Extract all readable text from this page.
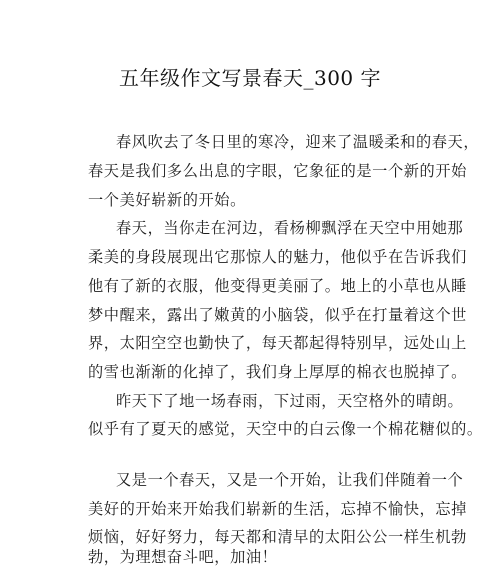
五年级作文写景春天_300 字
春风吹去了冬日里的寒冷，迎来了温暖柔和的春天，
春天是我们多么出息的字眼，它象征的是一个新的开始
一个美好崭新的开始。
春天，当你走在河边，看杨柳飘浮在天空中用她那
柔美的身段展现出它那惊人的魅力，他似乎在告诉我们
他有了新的衣服，他变得更美丽了。地上的小草也从睡
梦中醒来，露出了嫩黄的小脑袋，似乎在打量着这个世
界，太阳空空也勤快了，每天都起得特别早，远处山上
的雪也渐渐的化掉了，我们身上厚厚的棉衣也脱掉了。
昨天下了地一场春雨，下过雨，天空格外的晴朗。
似乎有了夏天的感觉，天空中的白云像一个棉花糖似的。
又是一个春天，又是一个开始，让我们伴随着一个
美好的开始来开始我们崭新的生活，忘掉不愉快，忘掉
烦恼，好好努力，每天都和清早的太阳公公一样生机勃
勃，为理想奋斗吧，加油！
